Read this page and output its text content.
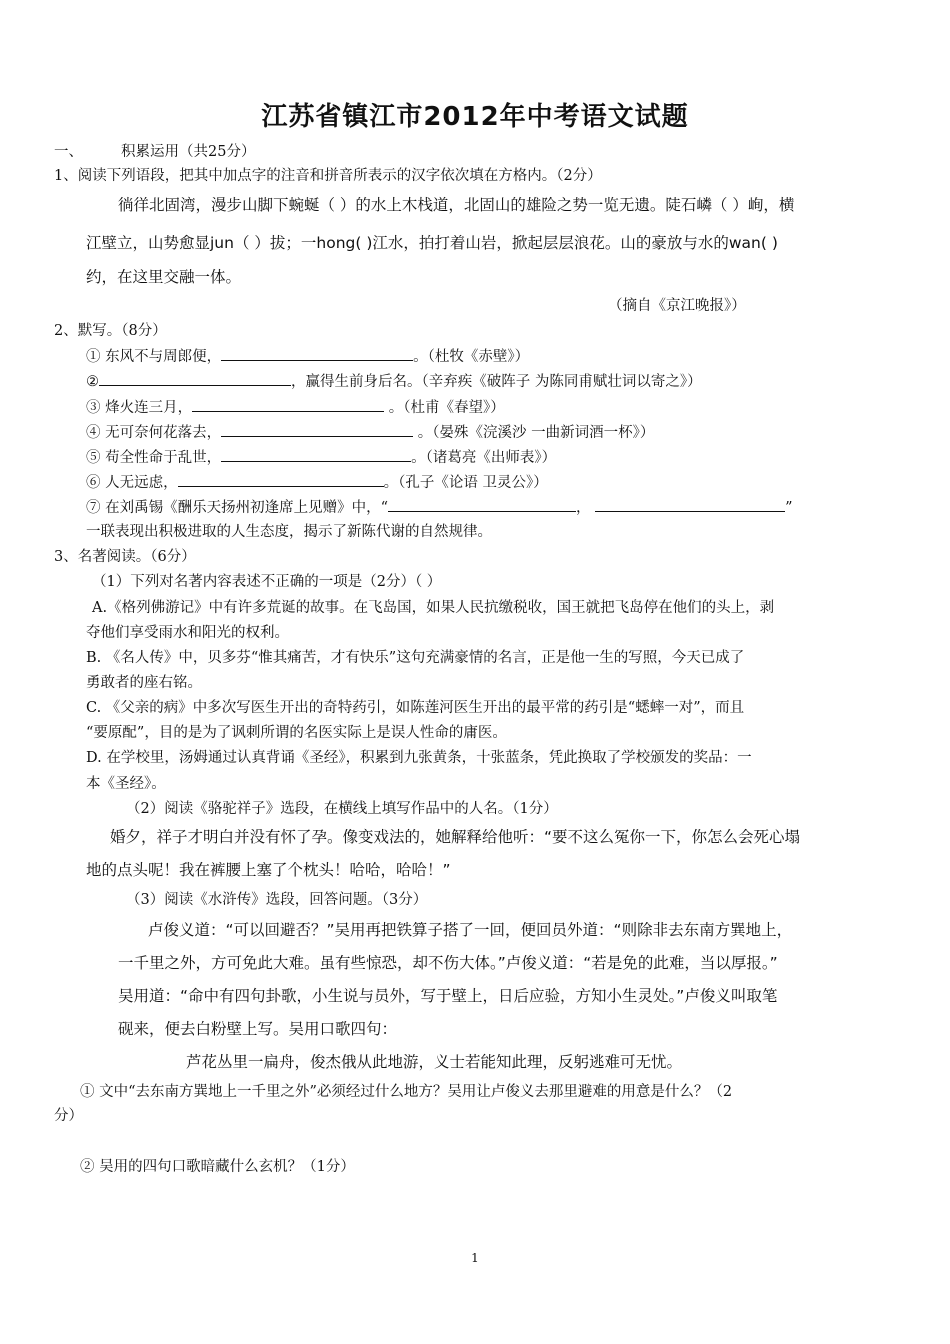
江苏省镇江市2012年中考语文试题
一、	积累运用（共25分）
1、阅读下列语段，把其中加点字的注音和拼音所表示的汉字依次填在方格内。（2分）
徜徉北固湾，漫步山脚下蜿蜒（ ）的水上木栈道，北固山的雄险之势一览无遗。陡石嶙（ ）峋，横
江壁立，山势愈显jun（ ）拔；一hong( )江水，拍打着山岩，掀起层层浪花。山的豪放与水的wan( )
约，在这里交融一体。
（摘自《京江晚报》）
2、默写。（8分）
① 东风不与周郎便，	。（杜牧《赤壁》）
②	，赢得生前身后名。（辛弃疾《破阵子 为陈同甫赋壮词以寄之》）
③ 烽火连三月，	。（杜甫《春望》）
④ 无可奈何花落去，	。（晏殊《浣溪沙 一曲新词酒一杯》）
⑤ 苟全性命于乱世，	。（诸葛亮《出师表》）
⑥ 人无远虑，	。（孔子《论语 卫灵公》）
⑦ 在刘禹锡《酬乐天扬州初逢席上见赠》中，“	，	”
一联表现出积极进取的人生态度，揭示了新陈代谢的自然规律。
3、名著阅读。（6分）
（1）下列对名著内容表述不正确的一项是（2分）（ ）
A.《格列佛游记》中有许多荒诞的故事。在飞岛国，如果人民抗缴税收，国王就把飞岛停在他们的头上，剥
夺他们享受雨水和阳光的权利。
B. 《名人传》中，贝多芬“惟其痛苦，才有快乐”这句充满豪情的名言，正是他一生的写照，今天已成了
勇敢者的座右铭。
C. 《父亲的病》中多次写医生开出的奇特药引，如陈莲河医生开出的最平常的药引是“蟋蟀一对”，而且
“要原配”，目的是为了讽刺所谓的名医实际上是误人性命的庸医。
D. 在学校里，汤姆通过认真背诵《圣经》，积累到九张黄条，十张蓝条，凭此换取了学校颁发的奖品：一
本《圣经》。
（2）阅读《骆驼祥子》选段，在横线上填写作品中的人名。（1分）
婚夕，祥子才明白并没有怀了孕。像变戏法的，她解释给他听：“要不这么冤你一下，你怎么会死心塌
地的点头呢！我在裤腰上塞了个枕头！哈哈，哈哈！”
（3）阅读《水浒传》选段，回答问题。（3分）
卢俊义道：“可以回避否？”吴用再把铁算子搭了一回，便回员外道：“则除非去东南方巽地上，
一千里之外，方可免此大难。虽有些惊恐，却不伤大体。”卢俊义道：“若是免的此难，当以厚报。”
吴用道：“命中有四句卦歌，小生说与员外，写于壁上，日后应验，方知小生灵处。”卢俊义叫取笔
砚来，便去白粉壁上写。吴用口歌四句：
芦花丛里一扁舟，俊杰俄从此地游，义士若能知此理，反躬逃难可无忧。
① 文中“去东南方巽地上一千里之外”必须经过什么地方？吴用让卢俊义去那里避难的用意是什么？（2
分）
② 吴用的四句口歌暗藏什么玄机？（1分）
1
